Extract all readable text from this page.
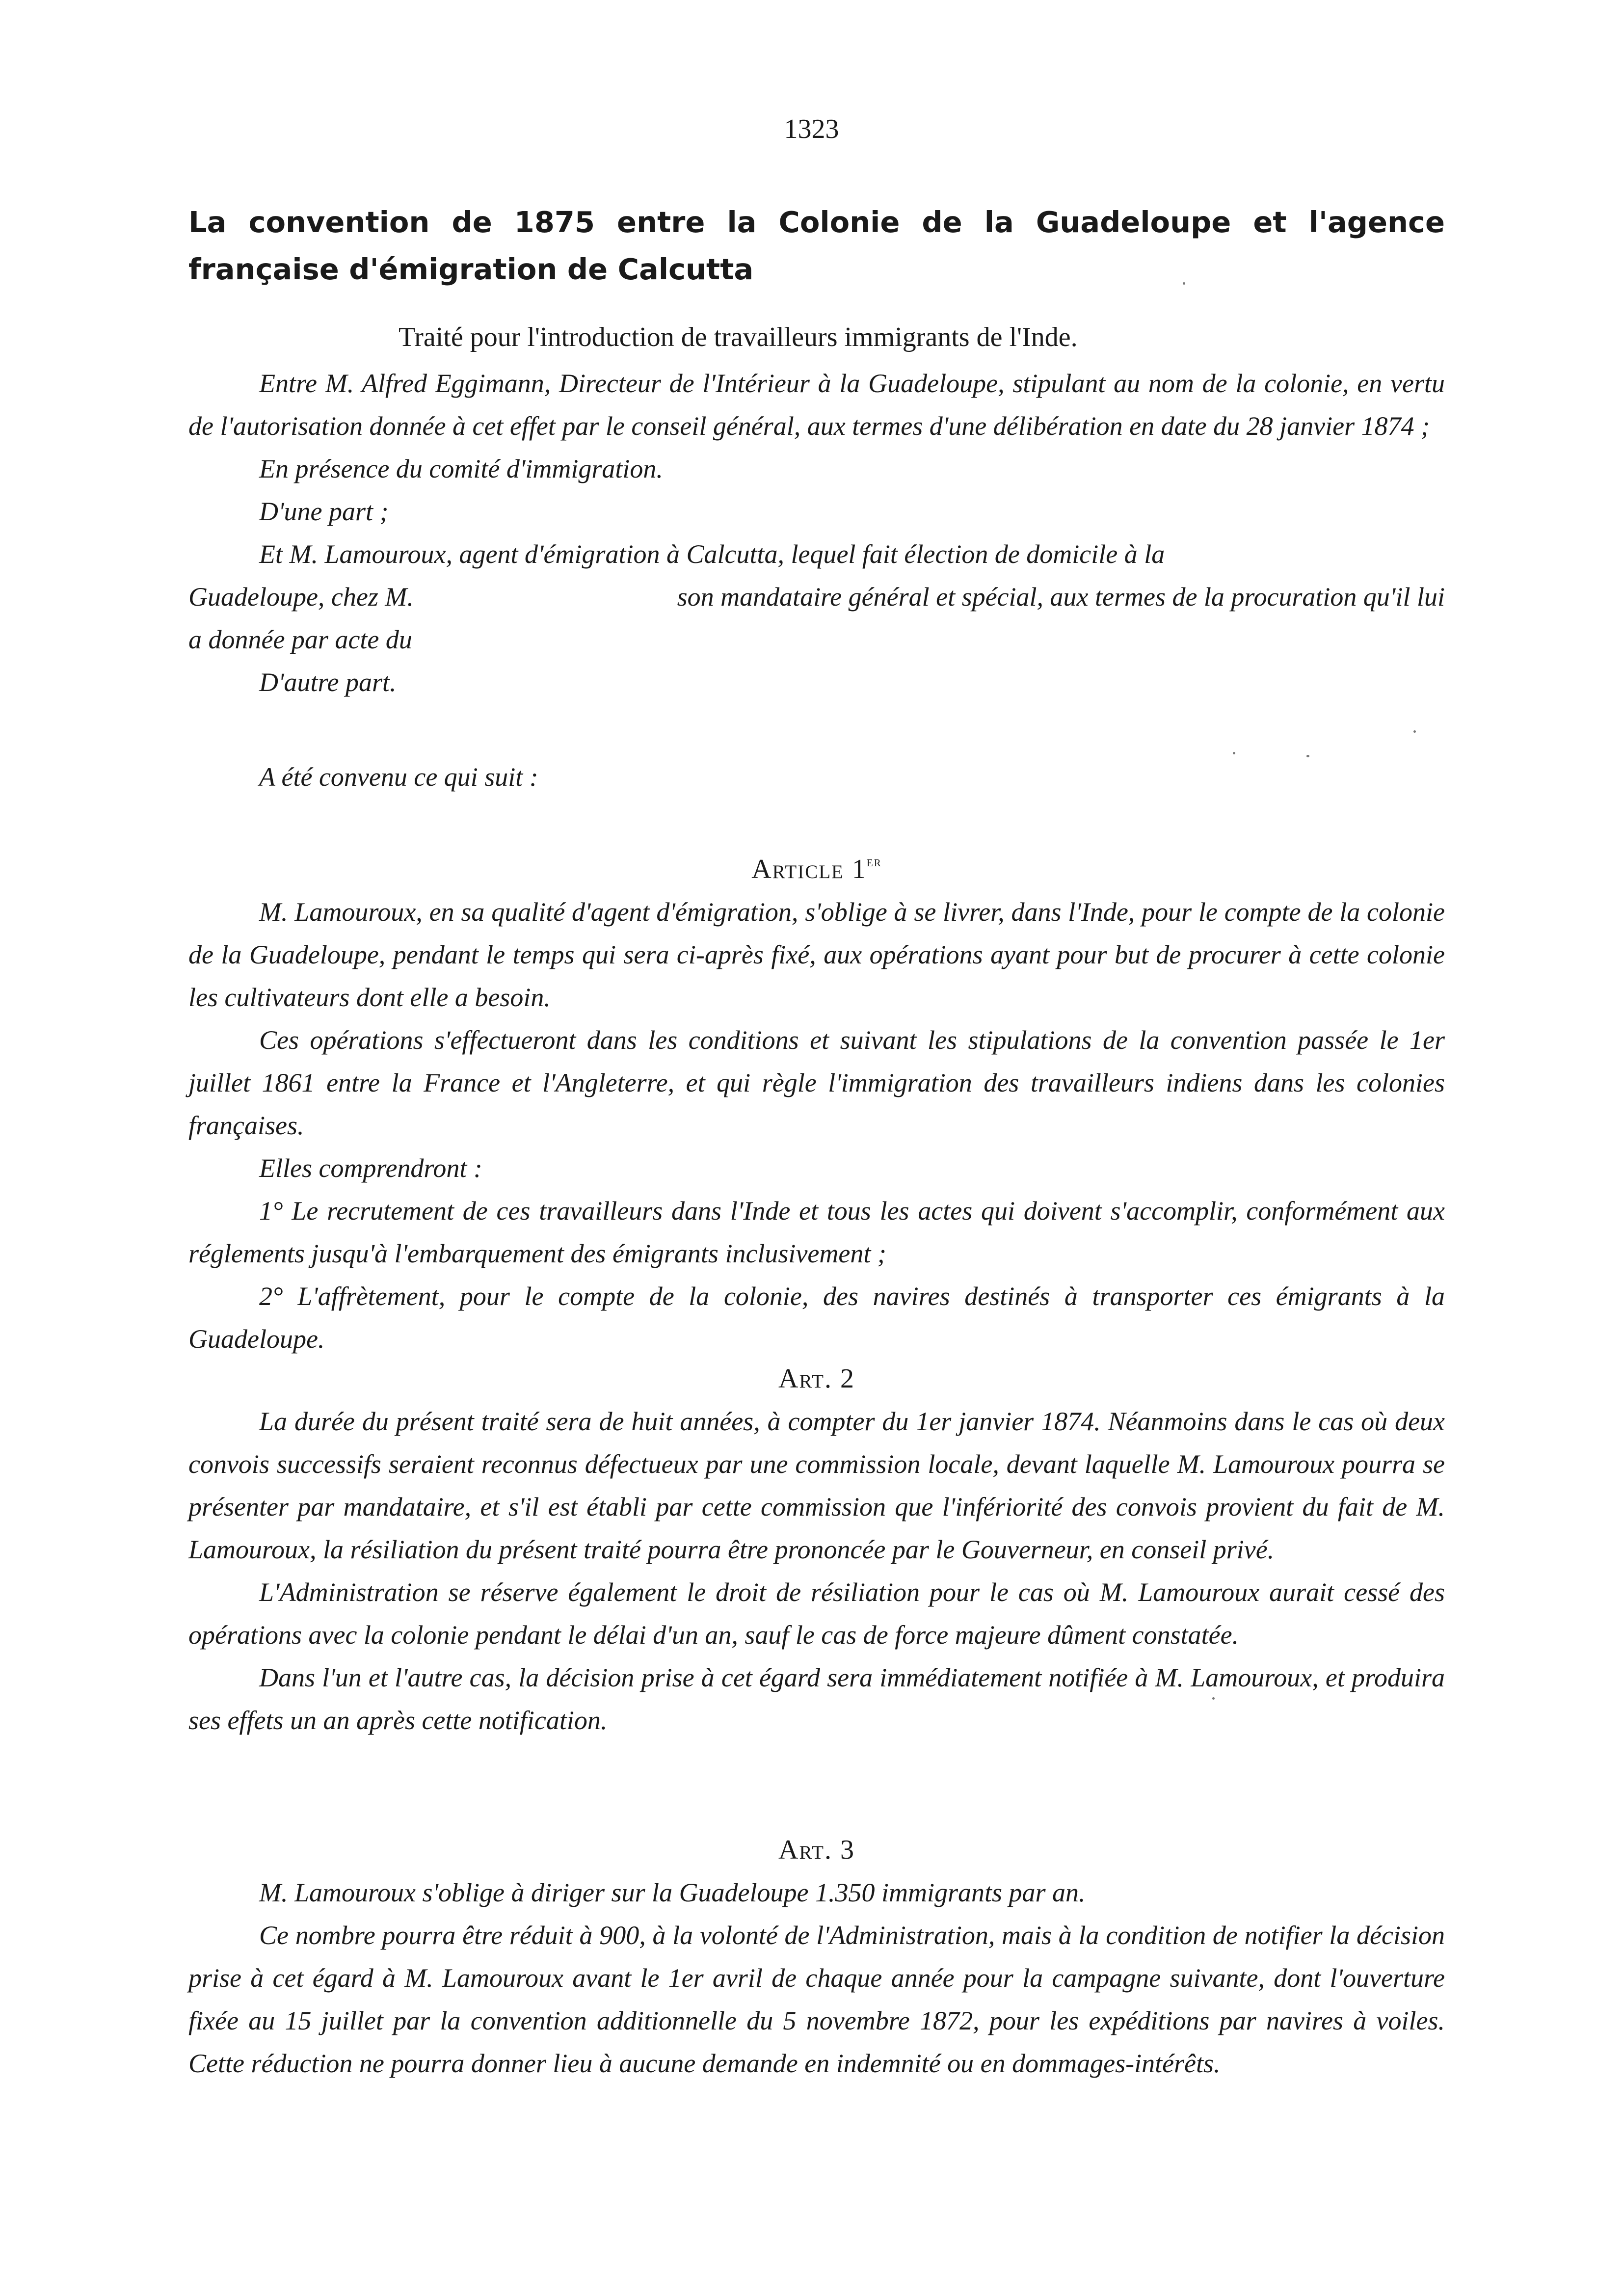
1323
La convention de 1875 entre la Colonie de la Guadeloupe et l'agence française d'émigration de Calcutta
Traité pour l'introduction de travailleurs immigrants de l'Inde.

Entre M. Alfred Eggimann, Directeur de l'Intérieur à la Guadeloupe, stipulant au nom de la colonie, en vertu de l'autorisation donnée à cet effet par le conseil général, aux termes d'une délibération en date du 28 janvier 1874 ;

En présence du comité d'immigration.

D'une part ;

Et M. Lamouroux, agent d'émigration à Calcutta, lequel fait élection de domicile à la

Guadeloupe, chez M.	son mandataire général et spécial, aux termes de la procuration qu'il lui

a donnée par acte du

D'autre part.

A été convenu ce qui suit :

Article 1er

M. Lamouroux, en sa qualité d'agent d'émigration, s'oblige à se livrer, dans l'Inde, pour le compte de la colonie de la Guadeloupe, pendant le temps qui sera ci-après fixé, aux opérations ayant pour but de procurer à cette colonie les cultivateurs dont elle a besoin.

Ces opérations s'effectueront dans les conditions et suivant les stipulations de la convention passée le 1er juillet 1861 entre la France et l'Angleterre, et qui règle l'immigration des travailleurs indiens dans les colonies françaises.

Elles comprendront :

1° Le recrutement de ces travailleurs dans l'Inde et tous les actes qui doivent s'accomplir, conformément aux réglements jusqu'à l'embarquement des émigrants inclusivement ;

2° L'affrètement, pour le compte de la colonie, des navires destinés à transporter ces émigrants à la Guadeloupe.

Art. 2

La durée du présent traité sera de huit années, à compter du 1er janvier 1874. Néanmoins dans le cas où deux convois successifs seraient reconnus défectueux par une commission locale, devant laquelle M. Lamouroux pourra se présenter par mandataire, et s'il est établi par cette commission que l'infériorité des convois provient du fait de M. Lamouroux, la résiliation du présent traité pourra être prononcée par le Gouverneur, en conseil privé.

L'Administration se réserve également le droit de résiliation pour le cas où M. Lamouroux aurait cessé des opérations avec la colonie pendant le délai d'un an, sauf le cas de force majeure dûment constatée.

Dans l'un et l'autre cas, la décision prise à cet égard sera immédiatement notifiée à M. Lamouroux, et produira ses effets un an après cette notification.

Art. 3

M. Lamouroux s'oblige à diriger sur la Guadeloupe 1.350 immigrants par an.

Ce nombre pourra être réduit à 900, à la volonté de l'Administration, mais à la condition de notifier la décision prise à cet égard à M. Lamouroux avant le 1er avril de chaque année pour la campagne suivante, dont l'ouverture fixée au 15 juillet par la convention additionnelle du 5 novembre 1872, pour les expéditions par navires à voiles. Cette réduction ne pourra donner lieu à aucune demande en indemnité ou en dommages-intérêts.
